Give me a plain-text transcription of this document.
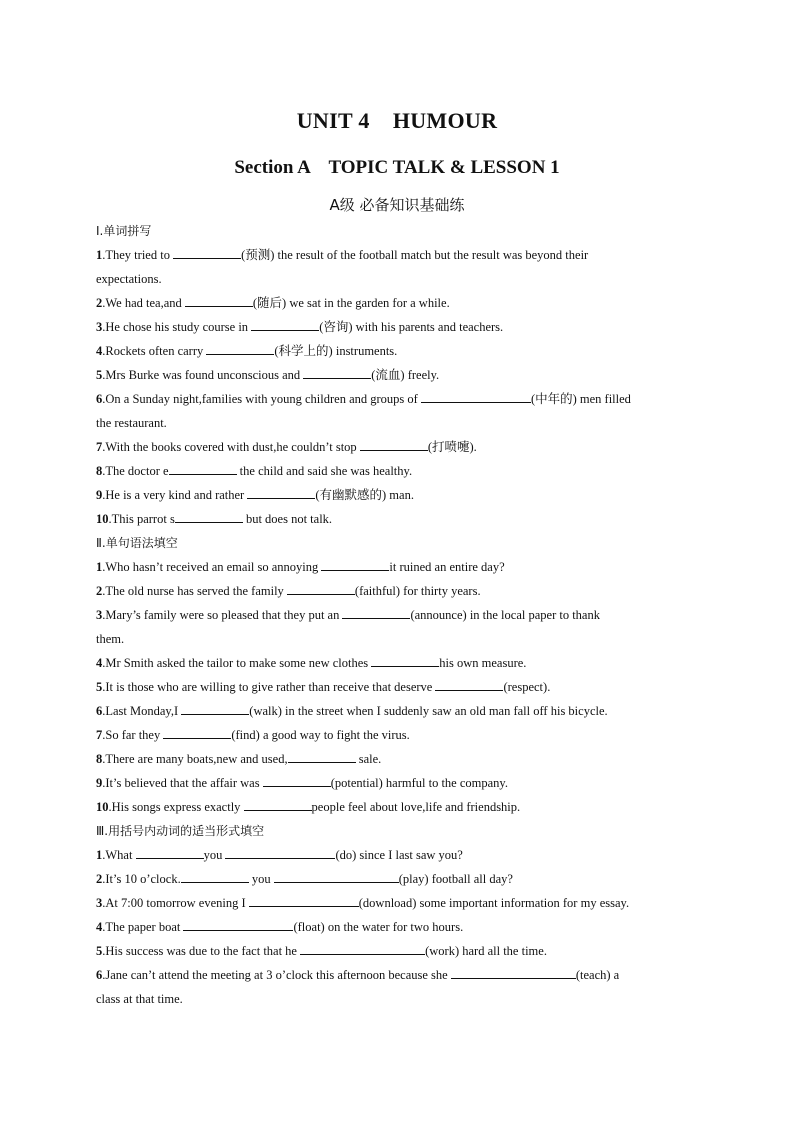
UNIT 4    HUMOUR
Section A    TOPIC TALK & LESSON 1
A级 必备知识基础练
Ⅰ.单词拼写
1.They tried to	(预测) the result of the football match but the result was beyond their
expectations.
2.We had tea,and	(随后) we sat in the garden for a while.
3.He chose his study course in	(咨询) with his parents and teachers.
4.Rockets often carry	(科学上的) instruments.
5.Mrs Burke was found unconscious and	(流血) freely.
6.On a Sunday night,families with young children and groups of	(中年的) men filled
the restaurant.
7.With the books covered with dust,he couldn’t stop	(打喷嚏).
8.The doctor e	the child and said she was healthy.
9.He is a very kind and rather	(有幽默感的) man.
10.This parrot s	but does not talk.
Ⅱ.单句语法填空
1.Who hasn’t received an email so annoying	it ruined an entire day?
2.The old nurse has served the family	(faithful) for thirty years.
3.Mary’s family were so pleased that they put an	(announce) in the local paper to thank
them.
4.Mr Smith asked the tailor to make some new clothes	his own measure.
5.It is those who are willing to give rather than receive that deserve	(respect).
6.Last Monday,I	(walk) in the street when I suddenly saw an old man fall off his bicycle.
7.So far they	(find) a good way to fight the virus.
8.There are many boats,new and used,	sale.
9.It’s believed that the affair was	(potential) harmful to the company.
10.His songs express exactly	people feel about love,life and friendship.
Ⅲ.用括号内动词的适当形式填空
1.What	you	(do) since I last saw you?
2.It’s 10 o’clock.	you	(play) football all day?
3.At 7:00 tomorrow evening I	(download) some important information for my essay.
4.The paper boat	(float) on the water for two hours.
5.His success was due to the fact that he	(work) hard all the time.
6.Jane can’t attend the meeting at 3 o’clock this afternoon because she	(teach) a
class at that time.
